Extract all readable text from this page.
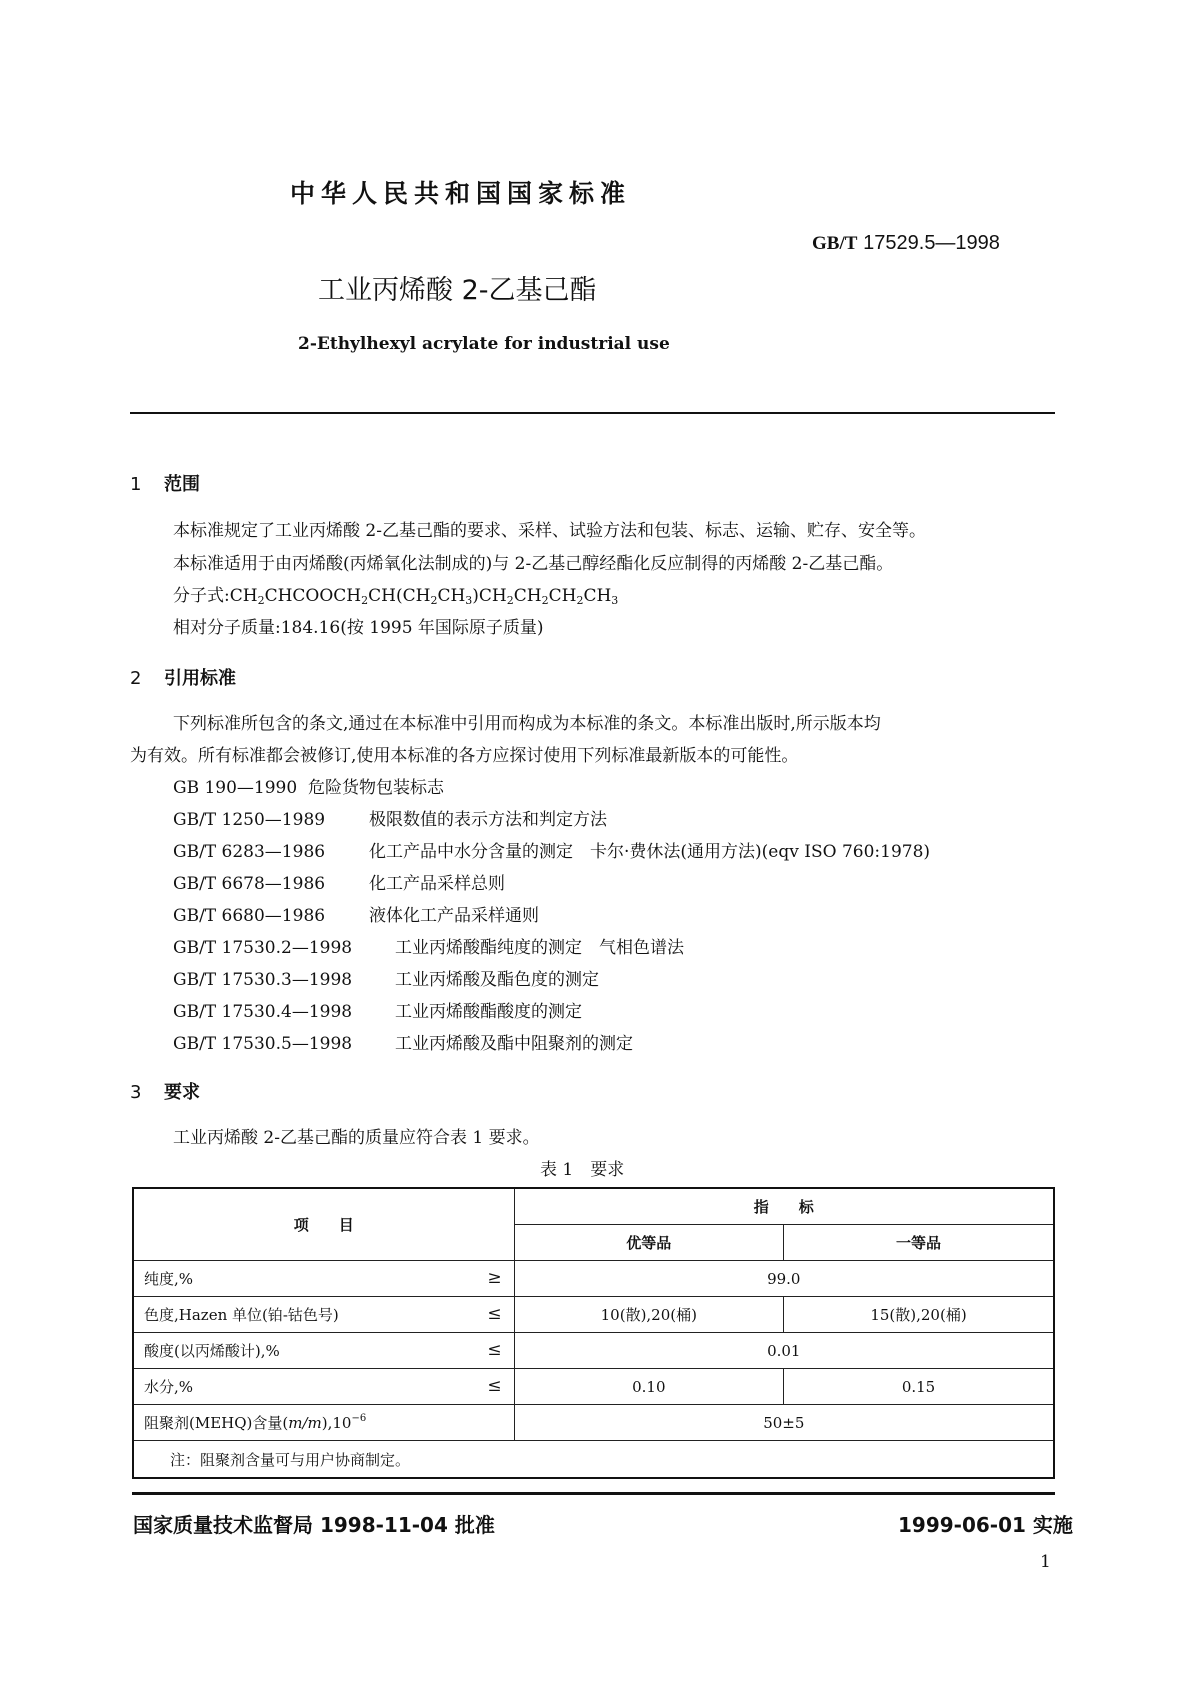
中华人民共和国国家标准
GB/T 17529.5—1998
工业丙烯酸 2-乙基己酯
2-Ethylhexyl acrylate for industrial use
1 范围
本标准规定了工业丙烯酸 2-乙基己酯的要求、采样、试验方法和包装、标志、运输、贮存、安全等。
本标准适用于由丙烯酸(丙烯氧化法制成的)与 2-乙基己醇经酯化反应制得的丙烯酸 2-乙基己酯。
分子式$:CH_2CHCOOCH_2CH(CH_2CH_3)CH_2CH_2CH_2CH_3$
相对分子质量:184.16(按 1995 年国际原子质量)
2 引用标准
下列标准所包含的条文,通过在本标准中引用而构成为本标准的条文。本标准出版时,所示版本均
为有效。所有标准都会被修订,使用本标准的各方应探讨使用下列标准最新版本的可能性。
GB 190—1990 危险货物包装标志
GB/T 1250—1989	极限数值的表示方法和判定方法
GB/T 6283—1986	化工产品中水分含量的测定　卡尔·费休法(通用方法)(eqv ISO 760:1978)
GB/T 6678—1986	化工产品采样总则
GB/T 6680—1986	液体化工产品采样通则
GB/T 17530.2—1998	工业丙烯酸酯纯度的测定　气相色谱法
GB/T 17530.3—1998	工业丙烯酸及酯色度的测定
GB/T 17530.4—1998	工业丙烯酸酯酸度的测定
GB/T 17530.5—1998	工业丙烯酸及酯中阻聚剂的测定
3 要求
工业丙烯酸 2-乙基己酯的质量应符合表 1 要求。
表 1　要求
项　　目	指　　标	
	优等品	一等品
纯度,% ≥	99.0	
色度,Hazen 单位(铂-钴色号) ≤	10(散),20(桶)	15(散),20(桶)
酸度(以丙烯酸计),% ≤	0.01	
水分,% ≤	0.10	0.15
阻聚剂(MEHQ)含量$(m/m),10^{-6}$	50±5	
注：阻聚剂含量可与用户协商制定。		
国家质量技术监督局 1998-11-04 批准	1999-06-01 实施
1
